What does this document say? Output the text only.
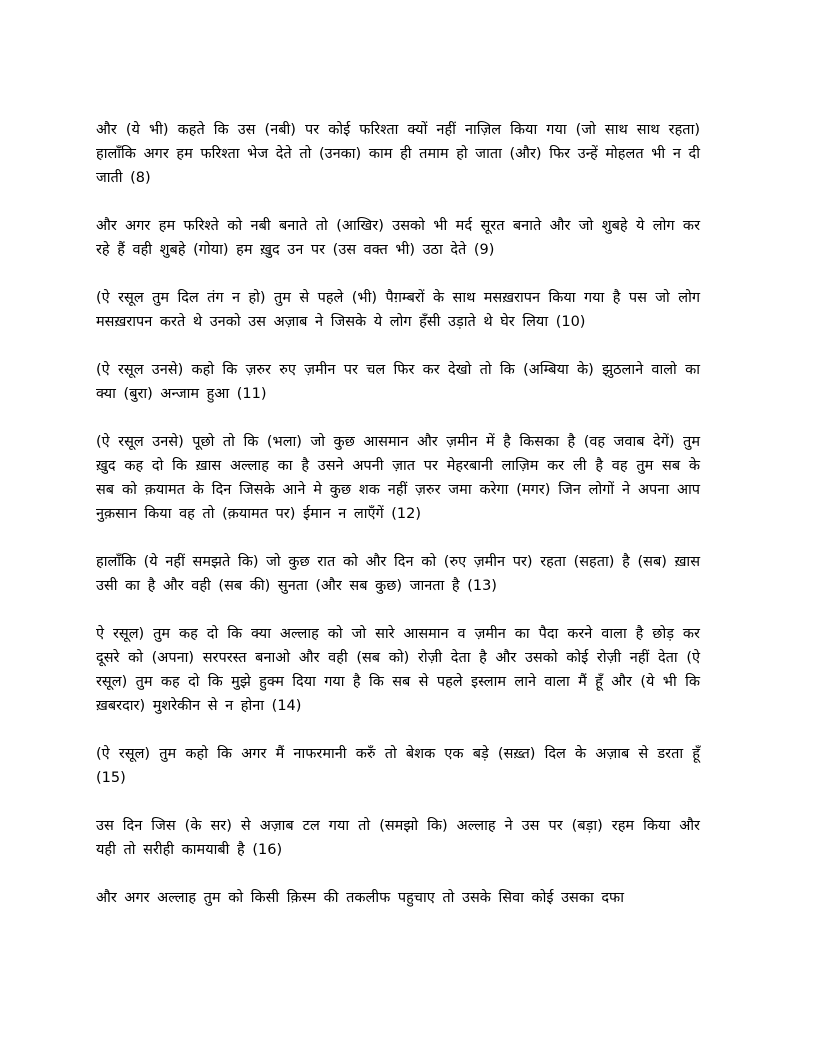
और (ये भी) कहते कि उस (नबी) पर कोई फरिश्ता क्यों नहीं नाज़िल किया गया (जो साथ साथ रहता) हालाँकि अगर हम फरिश्ता भेज देते तो (उनका) काम ही तमाम हो जाता (और) फिर उन्हें मोहलत भी न दी जाती (8)

और अगर हम फरिश्ते को नबी बनाते तो (आखिर) उसको भी मर्द सूरत बनाते और जो शुबहे ये लोग कर रहे हैं वही शुबहे (गोया) हम ख़ुद उन पर (उस वक्त भी) उठा देते (9)

(ऐ रसूल तुम दिल तंग न हो) तुम से पहले (भी) पैग़म्बरों के साथ मसख़रापन किया गया है पस जो लोग मसख़रापन करते थे उनको उस अज़ाब ने जिसके ये लोग हँसी उड़ाते थे घेर लिया (10)

(ऐ रसूल उनसे) कहो कि ज़रुर रुए ज़मीन पर चल फिर कर देखो तो कि (अम्बिया के) झुठलाने वालो का क्या (बुरा) अन्जाम हुआ (11)

(ऐ रसूल उनसे) पूछो तो कि (भला) जो कुछ आसमान और ज़मीन में है किसका है (वह जवाब देगें) तुम ख़ुद कह दो कि ख़ास अल्लाह का है उसने अपनी ज़ात पर मेहरबानी लाज़िम कर ली है वह तुम सब के सब को क़यामत के दिन जिसके आने मे कुछ शक नहीं ज़रुर जमा करेगा (मगर) जिन लोगों ने अपना आप नुक़सान किया वह तो (क़यामत पर) ईमान न लाएँगें (12)

हालाँकि (ये नहीं समझते कि) जो कुछ रात को और दिन को (रुए ज़मीन पर) रहता (सहता) है (सब) ख़ास उसी का है और वही (सब की) सुनता (और सब कुछ) जानता है (13)

ऐ रसूल) तुम कह दो कि क्या अल्लाह को जो सारे आसमान व ज़मीन का पैदा करने वाला है छोड़ कर दूसरे को (अपना) सरपरस्त बनाओ और वही (सब को) रोज़ी देता है और उसको कोई रोज़ी नहीं देता (ऐ रसूल) तुम कह दो कि मुझे हुक्म दिया गया है कि सब से पहले इस्लाम लाने वाला मैं हूँ और (ये भी कि ख़बरदार) मुशरेकीन से न होना (14)

(ऐ रसूल) तुम कहो कि अगर मैं नाफरमानी करुँ तो बेशक एक बड़े (सख़्त) दिल के अज़ाब से डरता हूँ (15)

उस दिन जिस (के सर) से अज़ाब टल गया तो (समझो कि) अल्लाह ने उस पर (बड़ा) रहम किया और यही तो सरीही कामयाबी है (16)

और अगर अल्लाह तुम को किसी क़िस्म की तकलीफ पहुचाए तो उसके सिवा कोई उसका दफा
